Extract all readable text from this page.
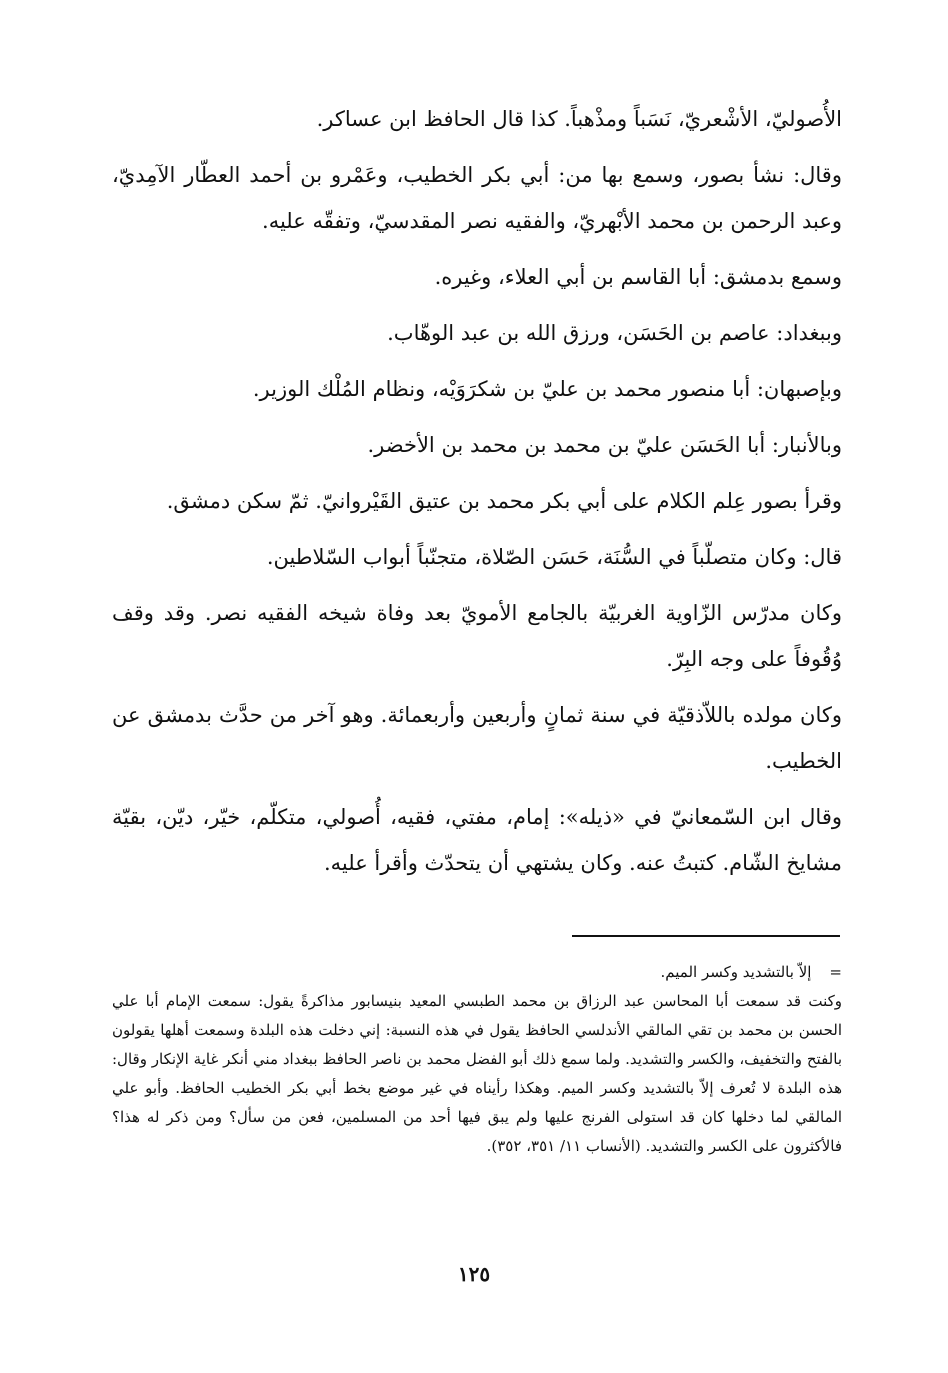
الأُصوليّ، الأشْعريّ، نَسَباً ومذْهباً. كذا قال الحافظ ابن عساكر.

وقال: نشأ بصور، وسمع بها من: أبي بكر الخطيب، وعَمْرو بن أحمد العطّار الآمِديّ، وعبد الرحمن بن محمد الأبْهريّ، والفقيه نصر المقدسيّ، وتفقّه عليه.

وسمع بدمشق: أبا القاسم بن أبي العلاء، وغيره.

وببغداد: عاصم بن الحَسَن، ورزق الله بن عبد الوهّاب.

وبإصبهان: أبا منصور محمد بن عليّ بن شكرَوَيْه، ونظام المُلْك الوزير.

وبالأنبار: أبا الحَسَن عليّ بن محمد بن محمد بن الأخضر.

وقرأ بصور عِلم الكلام على أبي بكر محمد بن عتيق القَيْروانيّ. ثمّ سكن دمشق.

قال: وكان متصلّباً في السُّنَة، حَسَن الصّلاة، متجنّباً أبواب السّلاطين.

وكان مدرّس الزّاوية الغربيّة بالجامع الأمويّ بعد وفاة شيخه الفقيه نصر. وقد وقف وُقُوفاً على وجه البِرّ.

وكان مولده باللاّذقيّة في سنة ثمانٍ وأربعين وأربعمائة. وهو آخر من حدَّث بدمشق عن الخطيب.

وقال ابن السّمعانيّ في «ذيله»: إمام، مفتي، فقيه، أُصولي، متكلّم، خيّر، ديّن، بقيّة مشايخ الشّام. كتبتُ عنه. وكان يشتهي أن يتحدّث وأقرأ عليه.

=

إلاّ بالتشديد وكسر الميم.

وكنت قد سمعت أبا المحاسن عبد الرزاق بن محمد الطبسي المعيد بنيسابور مذاكرةً يقول: سمعت الإمام أبا علي الحسن بن محمد بن تقي المالقي الأندلسي الحافظ يقول في هذه النسبة: إني دخلت هذه البلدة وسمعت أهلها يقولون بالفتح والتخفيف، والكسر والتشديد. ولما سمع ذلك أبو الفضل محمد بن ناصر الحافظ ببغداد مني أنكر غاية الإنكار وقال: هذه البلدة لا تُعرف إلاّ بالتشديد وكسر الميم. وهكذا رأيناه في غير موضع بخط أبي بكر الخطيب الحافظ. وأبو علي المالقي لما دخلها كان قد استولى الفرنج عليها ولم يبق فيها أحد من المسلمين، فعن من سأل؟ ومن ذكر له هذا؟ فالأكثرون على الكسر والتشديد. (الأنساب ١١/ ٣٥١، ٣٥٢).

١٢٥
